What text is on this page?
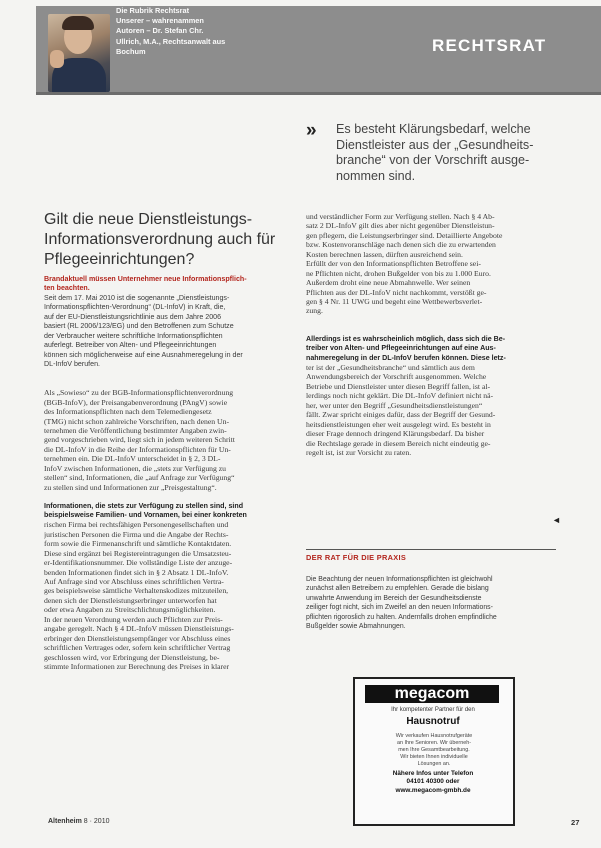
Die Rubrik Rechtsrat
Unserer – wahrenammen
Autoren – Dr. Stefan Chr.
Ullrich, M.A., Rechtsanwalt aus
Bochum	RECHTSRAT
» Es besteht Klärungsbedarf, welche
Dienstleister aus der „Gesundheits-
branche“ von der Vorschrift ausge-
nommen sind.
Gilt die neue Dienstleistungs-
Informationsverordnung auch für
Pflegeeinrichtungen?
Brandaktuell müssen Unternehmer neue Informationspflich-
ten beachten.
Seit dem 17. Mai 2010 ist die sogenannte „Dienstleistungs-
Informationspflichten-Verordnung“ (DL-InfoV) in Kraft, die,
auf der EU-Dienstleistungsrichtlinie aus dem Jahre 2006
basiert (RL 2006/123/EG) und den Betroffenen zum Schutze
der Verbraucher weitere schriftliche Informationspflichten
auferlegt. Betreiber von Alten- und Pflegeeinrichtungen
können sich möglicherweise auf eine Ausnahmeregelung in der
DL-InfoV berufen.
Als „Sowieso“ zu der BGB-Informationspflichtenverordnung
(BGB-InfoV), der Preisangabenverordnung (PAngV) sowie
des Informationspflichten nach dem Telemediengesetz
(TMG) nicht schon zahlreiche Vorschriften, nach denen Un-
ternehmen die Veröffentlichung bestimmter Angaben zwin-
gend vorgeschrieben wird, liegt sich in jedem weiteren Schritt
die DL-InfoV in die Reihe der Informationspflichten für Un-
ternehmen ein. Die DL-InfoV unterscheidet in § 2, 3 DL-
InfoV zwischen Informationen, die „stets zur Verfügung zu
stellen“ sind, Informationen, die „auf Anfrage zur Verfügung“
zu stellen sind und Informationen zur „Preisgestaltung“.
Informationen, die stets zur Verfügung zu stellen sind, sind
beispielsweise Familien- und Vornamen, bei einer konkreten
rischen Firma bei rechtsfähigen Personengesellschaften und
juristischen Personen die Firma und die Angabe der Rechts-
form sowie die Firmenanschrift und sämtliche Kontaktdaten.
Diese sind ergänzt bei Registereintragungen die Umsatzsteu-
er-Identifikationsnummer. Die vollständige Liste der anzuge-
benden Informationen findet sich in § 2 Absatz 1 DL-InfoV.
Auf Anfrage sind vor Abschluss eines schriftlichen Vertra-
ges beispielsweise sämtliche Verhaltenskodizes mitzuteilen,
denen sich der Dienstleistungserbringer unterworfen hat
oder etwa Angaben zu Streitschlichtungsmöglichkeiten.
In der neuen Verordnung werden auch Pflichten zur Preis-
angabe geregelt. Nach § 4 DL-InfoV müssen Dienstleistungs-
erbringer den Dienstleistungsempfänger vor Abschluss eines
schriftlichen Vertrages oder, sofern kein schriftlicher Vertrag
geschlossen wird, vor Erbringung der Dienstleistung, be-
stimmte Informationen zur Berechnung des Preises in klarer
und verständlicher Form zur Verfügung stellen. Nach § 4 Ab-
satz 2 DL-InfoV gilt dies aber nicht gegenüber Dienstleistun-
gen pflegern, die Leistungserbringer sind. Detaillierte Angebote
bzw. Kostenvoranschläge nach denen sich die zu erwartenden
Kosten berechnen lassen, dürften ausreichend sein.
Erfüllt der von den Informationspflichten Betroffene sei-
ne Pflichten nicht, drohen Bußgelder von bis zu 1.000 Euro.
Außerdem droht eine neue Abmahnwelle. Wer seinen
Pflichten aus der DL-InfoV nicht nachkommt, verstößt ge-
gen § 4 Nr. 11 UWG und begeht eine Wettbewerbsverlet-
zung.
Allerdings ist es wahrscheinlich möglich, dass sich die Be-
treiber von Alten- und Pflegeeinrichtungen auf eine Aus-
nahmeregelung in der DL-InfoV berufen können. Diese letz-
ter ist der „Gesundheitsbranche“ und sämtlich aus dem
Anwendungsbereich der Vorschrift ausgenommen. Welche
Betriebe und Dienstleister unter diesen Begriff fallen, ist al-
lerdings noch nicht geklärt. Die DL-InfoV definiert nicht nä-
her, wer unter den Begriff „Gesundheitsdienstleistungen“
fällt. Zwar spricht einiges dafür, dass der Begriff der Gesund-
heitsdienstleistungen eher weit ausgelegt wird. Es besteht in
dieser Frage dennoch dringend Klärungsbedarf. Da bisher
die Rechtslage gerade in diesem Bereich nicht eindeutig ge-
regelt ist, ist zur Vorsicht zu raten.
◄
DER RAT FÜR DIE PRAXIS
Die Beachtung der neuen Informationspflichten ist gleichwohl
zunächst allen Betreibern zu empfehlen. Gerade die bislang
unwahrte Anwendung im Bereich der Gesundheitsdienste
zeiliger fogt nicht, sich im Zweifel an den neuen Informations-
pflichten rigoroslich zu halten. Andernfalls drohen empfindliche
Bußgelder sowie Abmahnungen.
megacom
Ihr kompetenter Partner für den
Hausnotruf
Wir verkaufen Hausnotrufgeräte
an Ihre Senioren. Wir überneh-
men Ihre Gesamtbearbeitung.
Wir bieten Ihnen individuelle
Lösungen an.
Nähere Infos unter Telefon
04101 40300 oder
www.megacom-gmbh.de
Altenheim 8 · 2010	27
